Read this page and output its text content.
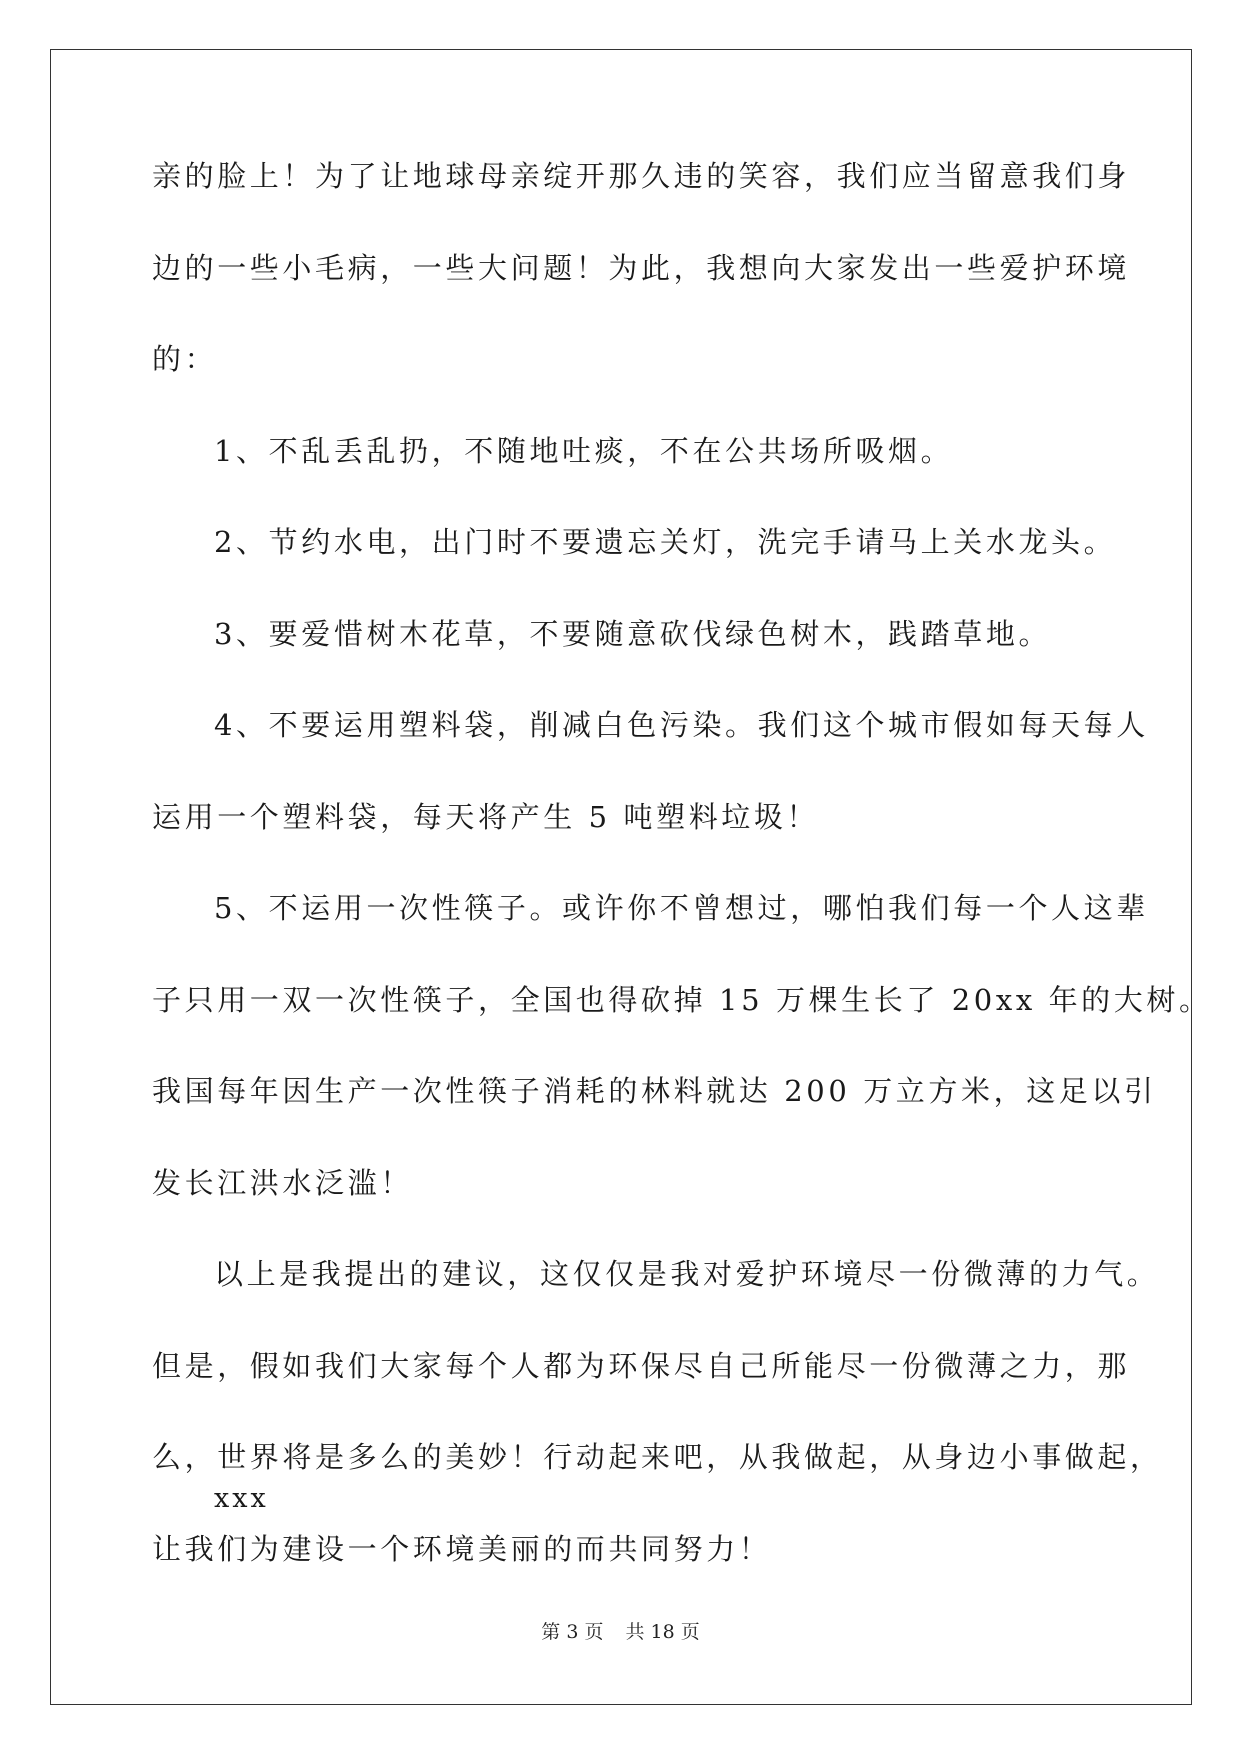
亲的脸上！为了让地球母亲绽开那久违的笑容，我们应当留意我们身

边的一些小毛病，一些大问题！为此，我想向大家发出一些爱护环境

的：

1、不乱丢乱扔，不随地吐痰，不在公共场所吸烟。

2、节约水电，出门时不要遗忘关灯，洗完手请马上关水龙头。

3、要爱惜树木花草，不要随意砍伐绿色树木，践踏草地。

4、不要运用塑料袋，削减白色污染。我们这个城市假如每天每人

运用一个塑料袋，每天将产生 5 吨塑料垃圾！

5、不运用一次性筷子。或许你不曾想过，哪怕我们每一个人这辈

子只用一双一次性筷子，全国也得砍掉 15 万棵生长了 20xx 年的大树。

我国每年因生产一次性筷子消耗的林料就达 200 万立方米，这足以引

发长江洪水泛滥！

以上是我提出的建议，这仅仅是我对爱护环境尽一份微薄的力气。

但是，假如我们大家每个人都为环保尽自己所能尽一份微薄之力，那

么，世界将是多么的美妙！行动起来吧，从我做起，从身边小事做起，

让我们为建设一个环境美丽的而共同努力！

xxx
第 3 页 共 18 页
